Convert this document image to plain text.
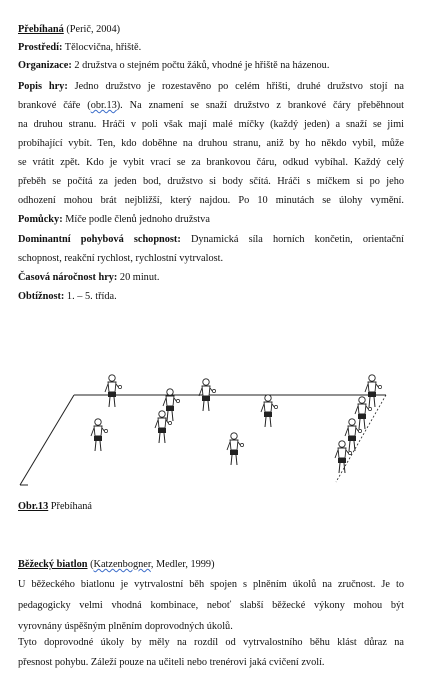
Přebíhaná (Perič, 2004)
Prostředí: Tělocvična, hřiště.
Organizace: 2 družstva o stejném počtu žáků, vhodné je hřiště na házenou.
Popis hry: Jedno družstvo je rozestavěno po celém hřišti, druhé družstvo stojí na
brankové čáře (obr.13). Na znamení se snaží družstvo z brankové čáry přeběhnout
na druhou stranu. Hráči v poli však mají malé míčky (každý jeden) a snaží se jimi
probíhající vybít. Ten, kdo doběhne na druhou stranu, aniž by ho někdo vybil, může
se vrátit zpět. Kdo je vybit vrací se za brankovou čáru, odkud vybíhal. Každý celý
přeběh se počítá za jeden bod, družstvo si body sčítá. Hráči s míčkem si po jeho
odhození mohou brát nejbližší, který najdou. Po 10 minutách se úlohy vymění.
Pomůcky: Míče podle členů jednoho družstva
Dominantní pohybová schopnost: Dynamická síla horních končetin, orientační
schopnost, reakční rychlost, rychlostní vytrvalost.
Časová náročnost hry: 20 minut.
Obtížnost: 1. – 5. třída.
Obr.13 Přebíhaná
Běžecký biatlon (Katzenbogner, Medler, 1999)
U běžeckého biatlonu je vytrvalostní běh spojen s plněním úkolů na zručnost. Je to
pedagogicky velmi vhodná kombinace, neboť slabší běžecké výkony mohou být
vyrovnány úspěšným plněním doprovodných úkolů.
Tyto doprovodné úkoly by měly na rozdíl od vytrvalostního běhu klást důraz na
přesnost pohybu. Záleží pouze na učiteli nebo trenérovi jaká cvičení zvolí.
